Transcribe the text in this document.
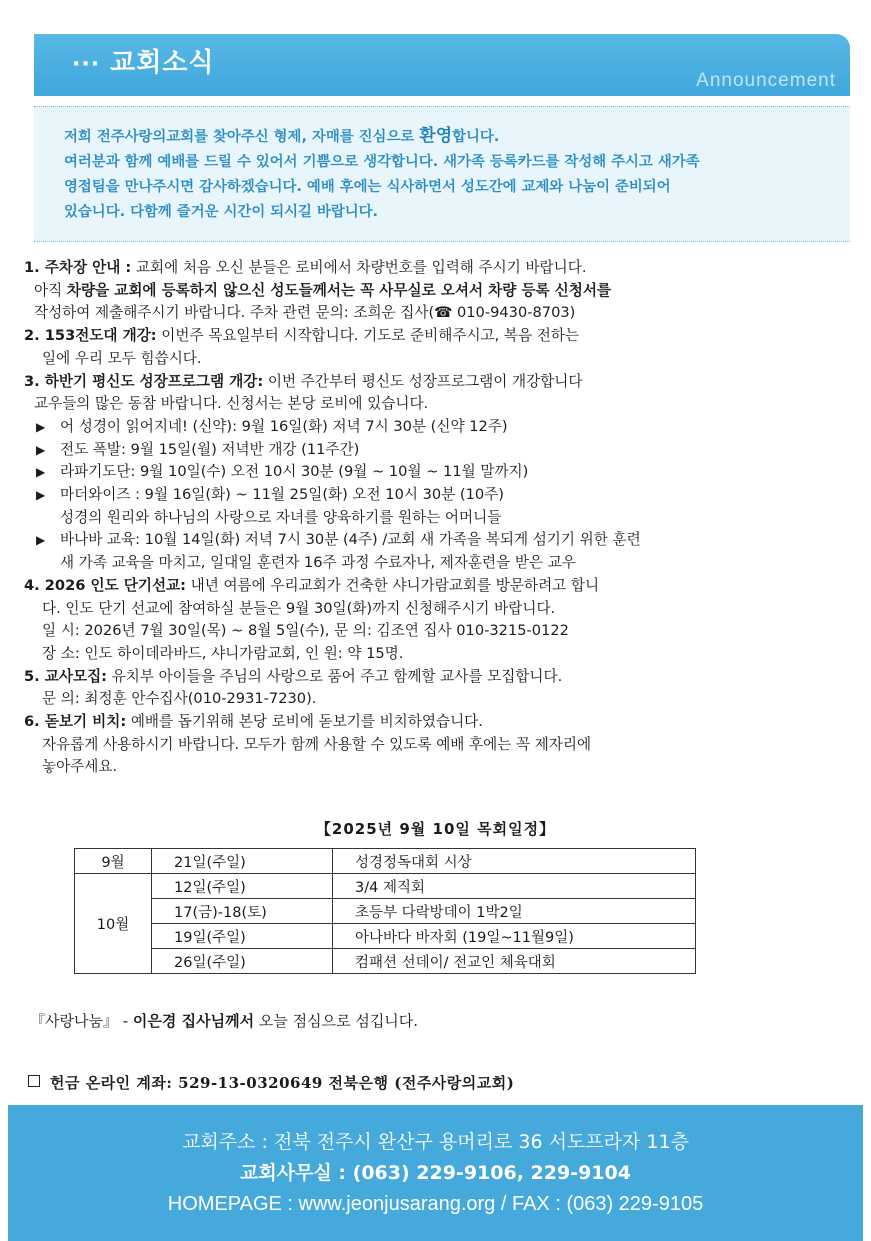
··· 교회소식
Announcement

저희 전주사랑의교회를 찾아주신 형제, 자매를 진심으로 환영합니다.
여러분과 함께 예배를 드릴 수 있어서 기쁨으로 생각합니다. 새가족 등록카드를 작성해 주시고 새가족
영접팀을 만나주시면 감사하겠습니다. 예배 후에는 식사하면서 성도간에 교제와 나눔이 준비되어
있습니다. 다함께 즐거운 시간이 되시길 바랍니다.

1. 주차장 안내 : 교회에 처음 오신 분들은 로비에서 차량번호를 입력해 주시기 바랍니다.
아직 차량을 교회에 등록하지 않으신 성도들께서는 꼭 사무실로 오셔서 차량 등록 신청서를
작성하여 제출해주시기 바랍니다. 주차 관련 문의: 조희운 집사(☎ 010-9430-8703)
2. 153전도대 개강: 이번주 목요일부터 시작합니다. 기도로 준비해주시고, 복음 전하는
일에 우리 모두 힘씁시다.
3. 하반기 평신도 성장프로그램 개강: 이번 주간부터 평신도 성장프로그램이 개강합니다
교우들의 많은 동참 바랍니다. 신청서는 본당 로비에 있습니다.
▶ 어 성경이 읽어지네! (신약): 9월 16일(화) 저녁 7시 30분 (신약 12주)
▶ 전도 폭발: 9월 15일(월) 저녁반 개강 (11주간)
▶ 라파기도단: 9월 10일(수) 오전 10시 30분 (9월 ~ 10월 ~ 11월 말까지)
▶ 마더와이즈 : 9월 16일(화) ~ 11월 25일(화) 오전 10시 30분 (10주)
성경의 원리와 하나님의 사랑으로 자녀를 양육하기를 원하는 어머니들
▶ 바나바 교육: 10월 14일(화) 저녁 7시 30분 (4주) /교회 새 가족을 복되게 섬기기 위한 훈련
새 가족 교육을 마치고, 일대일 훈련자 16주 과정 수료자나, 제자훈련을 받은 교우
4. 2026 인도 단기선교: 내년 여름에 우리교회가 건축한 샤니가람교회를 방문하려고 합니
다. 인도 단기 선교에 참여하실 분들은 9월 30일(화)까지 신청해주시기 바랍니다.
일 시: 2026년 7월 30일(목) ~ 8월 5일(수), 문 의: 김조연 집사 010-3215-0122
장 소: 인도 하이데라바드, 샤니가람교회, 인 원: 약 15명.
5. 교사모집: 유치부 아이들을 주님의 사랑으로 품어 주고 함께할 교사를 모집합니다.
문 의: 최정훈 안수집사(010-2931-7230).
6. 돋보기 비치: 예배를 돕기위해 본당 로비에 돋보기를 비치하였습니다.
자유롭게 사용하시기 바랍니다. 모두가 함께 사용할 수 있도록 예배 후에는 꼭 제자리에
놓아주세요.
【2025년 9월 10일 목회일정】
9월	21일(주일)	성경정독대회 시상
10월	12일(주일)	3/4 제직회
	17(금)-18(토)	초등부 다락방데이 1박2일
	19일(주일)	아나바다 바자회 (19일~11월9일)
	26일(주일)	컴패션 선데이/ 전교인 체육대회
『사랑나눔』 - 이은경 집사님께서 오늘 점심으로 섬깁니다.
헌금 온라인 계좌: 529-13-0320649 전북은행 (전주사랑의교회)
교회주소 : 전북 전주시 완산구 용머리로 36 서도프라자 11층
교회사무실 : (063) 229-9106, 229-9104
HOMEPAGE : www.jeonjusarang.org / FAX : (063) 229-9105
